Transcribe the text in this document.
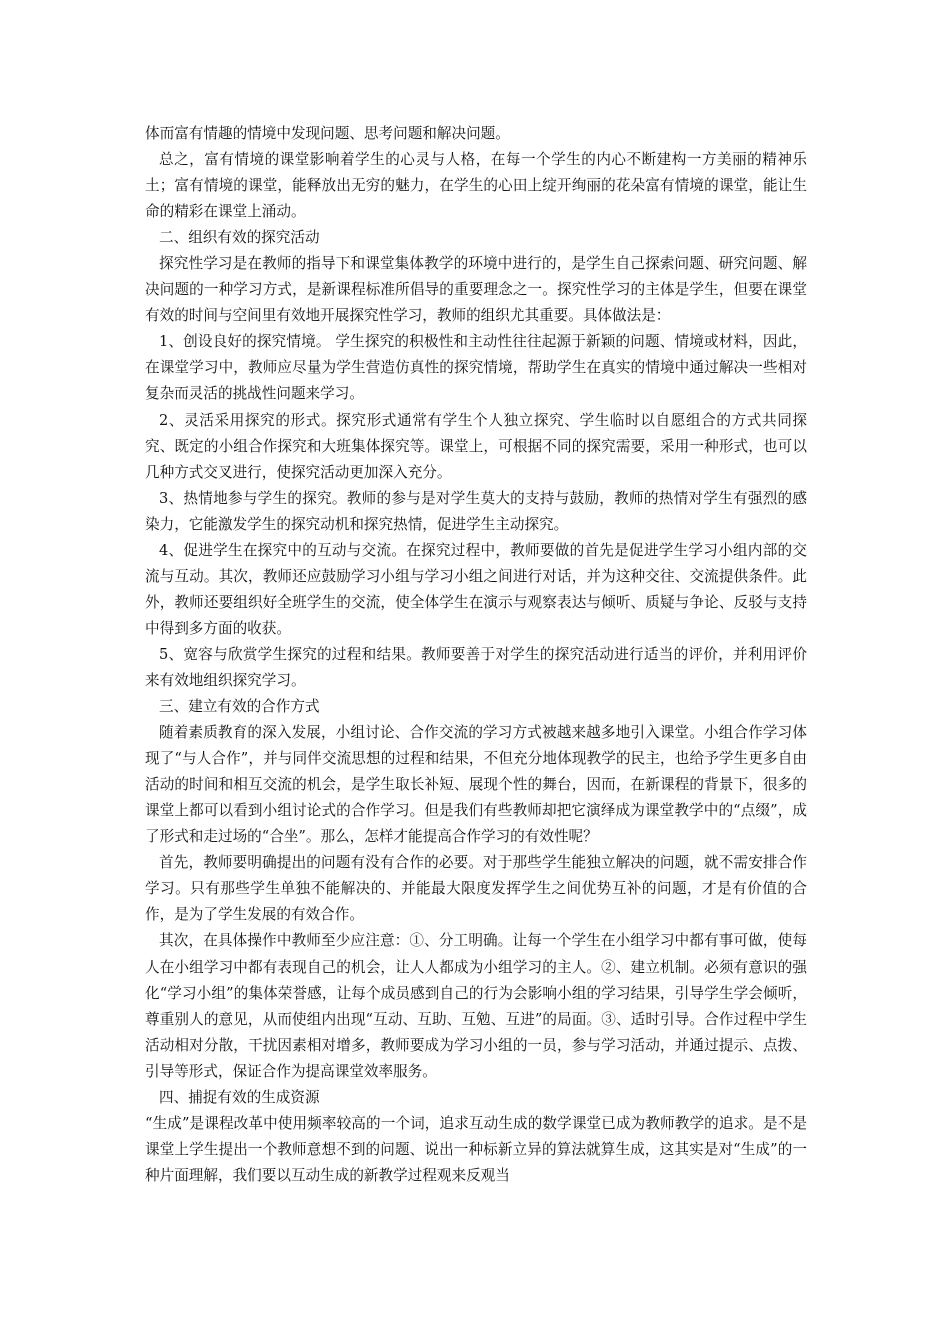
体而富有情趣的情境中发现问题、思考问题和解决问题。

总之，富有情境的课堂影响着学生的心灵与人格，在每一个学生的内心不断建构一方美丽的精神乐土；富有情境的课堂，能释放出无穷的魅力，在学生的心田上绽开绚丽的花朵富有情境的课堂，能让生命的精彩在课堂上涌动。

二、组织有效的探究活动

探究性学习是在教师的指导下和课堂集体教学的环境中进行的，是学生自己探索问题、研究问题、解决问题的一种学习方式，是新课程标准所倡导的重要理念之一。探究性学习的主体是学生，但要在课堂有效的时间与空间里有效地开展探究性学习，教师的组织尤其重要。具体做法是：

1、创设良好的探究情境。 学生探究的积极性和主动性往往起源于新颖的问题、情境或材料，因此，在课堂学习中，教师应尽量为学生营造仿真性的探究情境，帮助学生在真实的情境中通过解决一些相对复杂而灵活的挑战性问题来学习。

2、灵活采用探究的形式。探究形式通常有学生个人独立探究、学生临时以自愿组合的方式共同探究、既定的小组合作探究和大班集体探究等。课堂上，可根据不同的探究需要，采用一种形式，也可以几种方式交叉进行，使探究活动更加深入充分。

3、热情地参与学生的探究。教师的参与是对学生莫大的支持与鼓励，教师的热情对学生有强烈的感染力，它能激发学生的探究动机和探究热情，促进学生主动探究。

4、促进学生在探究中的互动与交流。在探究过程中，教师要做的首先是促进学生学习小组内部的交流与互动。其次，教师还应鼓励学习小组与学习小组之间进行对话，并为这种交往、交流提供条件。此外，教师还要组织好全班学生的交流，使全体学生在演示与观察表达与倾听、质疑与争论、反驳与支持中得到多方面的收获。

5、宽容与欣赏学生探究的过程和结果。教师要善于对学生的探究活动进行适当的评价，并利用评价来有效地组织探究学习。

三、建立有效的合作方式

随着素质教育的深入发展，小组讨论、合作交流的学习方式被越来越多地引入课堂。小组合作学习体现了“与人合作”，并与同伴交流思想的过程和结果，不但充分地体现教学的民主，也给予学生更多自由活动的时间和相互交流的机会，是学生取长补短、展现个性的舞台，因而，在新课程的背景下，很多的课堂上都可以看到小组讨论式的合作学习。但是我们有些教师却把它演绎成为课堂教学中的“点缀”，成了形式和走过场的“合坐”。那么，怎样才能提高合作学习的有效性呢？

首先，教师要明确提出的问题有没有合作的必要。对于那些学生能独立解决的问题，就不需安排合作学习。只有那些学生单独不能解决的、并能最大限度发挥学生之间优势互补的问题，才是有价值的合作，是为了学生发展的有效合作。

其次，在具体操作中教师至少应注意：①、分工明确。让每一个学生在小组学习中都有事可做，使每人在小组学习中都有表现自己的机会，让人人都成为小组学习的主人。②、建立机制。必须有意识的强化“学习小组”的集体荣誉感，让每个成员感到自己的行为会影响小组的学习结果，引导学生学会倾听，尊重别人的意见，从而使组内出现“互动、互助、互勉、互进”的局面。③、适时引导。合作过程中学生活动相对分散，干扰因素相对增多，教师要成为学习小组的一员，参与学习活动，并通过提示、点拨、引导等形式，保证合作为提高课堂效率服务。

四、捕捉有效的生成资源

“生成”是课程改革中使用频率较高的一个词，追求互动生成的数学课堂已成为教师教学的追求。是不是课堂上学生提出一个教师意想不到的问题、说出一种标新立异的算法就算生成，这其实是对“生成”的一种片面理解，我们要以互动生成的新教学过程观来反观当
